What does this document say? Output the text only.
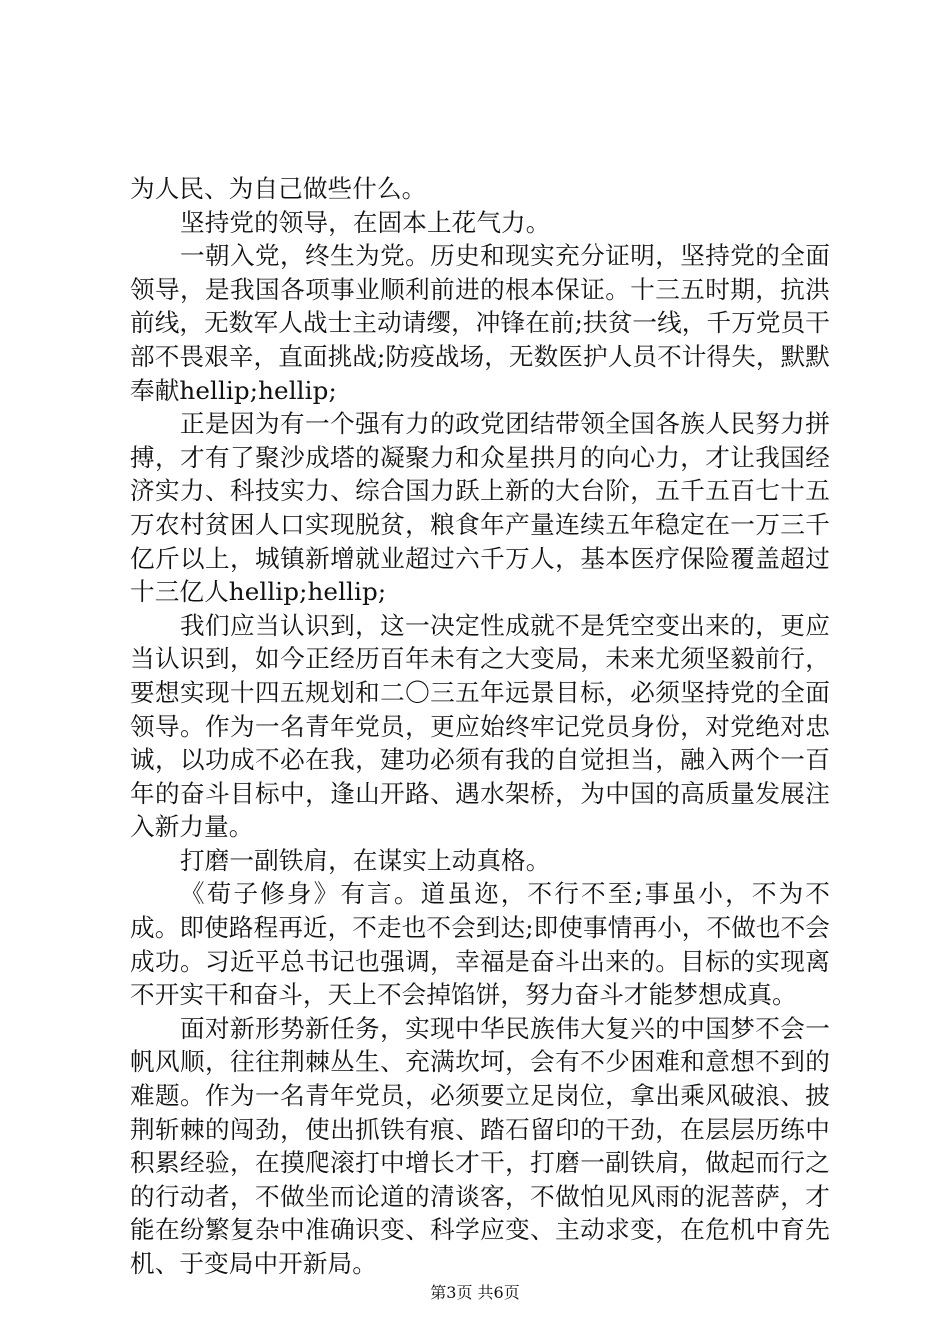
为人民、为自己做些什么。

坚持党的领导，在固本上花气力。

一朝入党，终生为党。历史和现实充分证明，坚持党的全面领导，是我国各项事业顺利前进的根本保证。十三五时期，抗洪前线，无数军人战士主动请缨，冲锋在前;扶贫一线，千万党员干部不畏艰辛，直面挑战;防疫战场，无数医护人员不计得失，默默奉献hellip;hellip;

正是因为有一个强有力的政党团结带领全国各族人民努力拼搏，才有了聚沙成塔的凝聚力和众星拱月的向心力，才让我国经济实力、科技实力、综合国力跃上新的大台阶，五千五百七十五万农村贫困人口实现脱贫，粮食年产量连续五年稳定在一万三千亿斤以上，城镇新增就业超过六千万人，基本医疗保险覆盖超过十三亿人hellip;hellip;

我们应当认识到，这一决定性成就不是凭空变出来的，更应当认识到，如今正经历百年未有之大变局，未来尤须坚毅前行，要想实现十四五规划和二〇三五年远景目标，必须坚持党的全面领导。作为一名青年党员，更应始终牢记党员身份，对党绝对忠诚，以功成不必在我，建功必须有我的自觉担当，融入两个一百年的奋斗目标中，逢山开路、遇水架桥，为中国的高质量发展注入新力量。

打磨一副铁肩，在谋实上动真格。

《荀子修身》有言。道虽迩，不行不至;事虽小，不为不成。即使路程再近，不走也不会到达;即使事情再小，不做也不会成功。习近平总书记也强调，幸福是奋斗出来的。目标的实现离不开实干和奋斗，天上不会掉馅饼，努力奋斗才能梦想成真。

面对新形势新任务，实现中华民族伟大复兴的中国梦不会一帆风顺，往往荆棘丛生、充满坎坷，会有不少困难和意想不到的难题。作为一名青年党员，必须要立足岗位，拿出乘风破浪、披荆斩棘的闯劲，使出抓铁有痕、踏石留印的干劲，在层层历练中积累经验，在摸爬滚打中增长才干，打磨一副铁肩，做起而行之的行动者，不做坐而论道的清谈客，不做怕见风雨的泥菩萨，才能在纷繁复杂中准确识变、科学应变、主动求变，在危机中育先机、于变局中开新局。

第3页 共6页
